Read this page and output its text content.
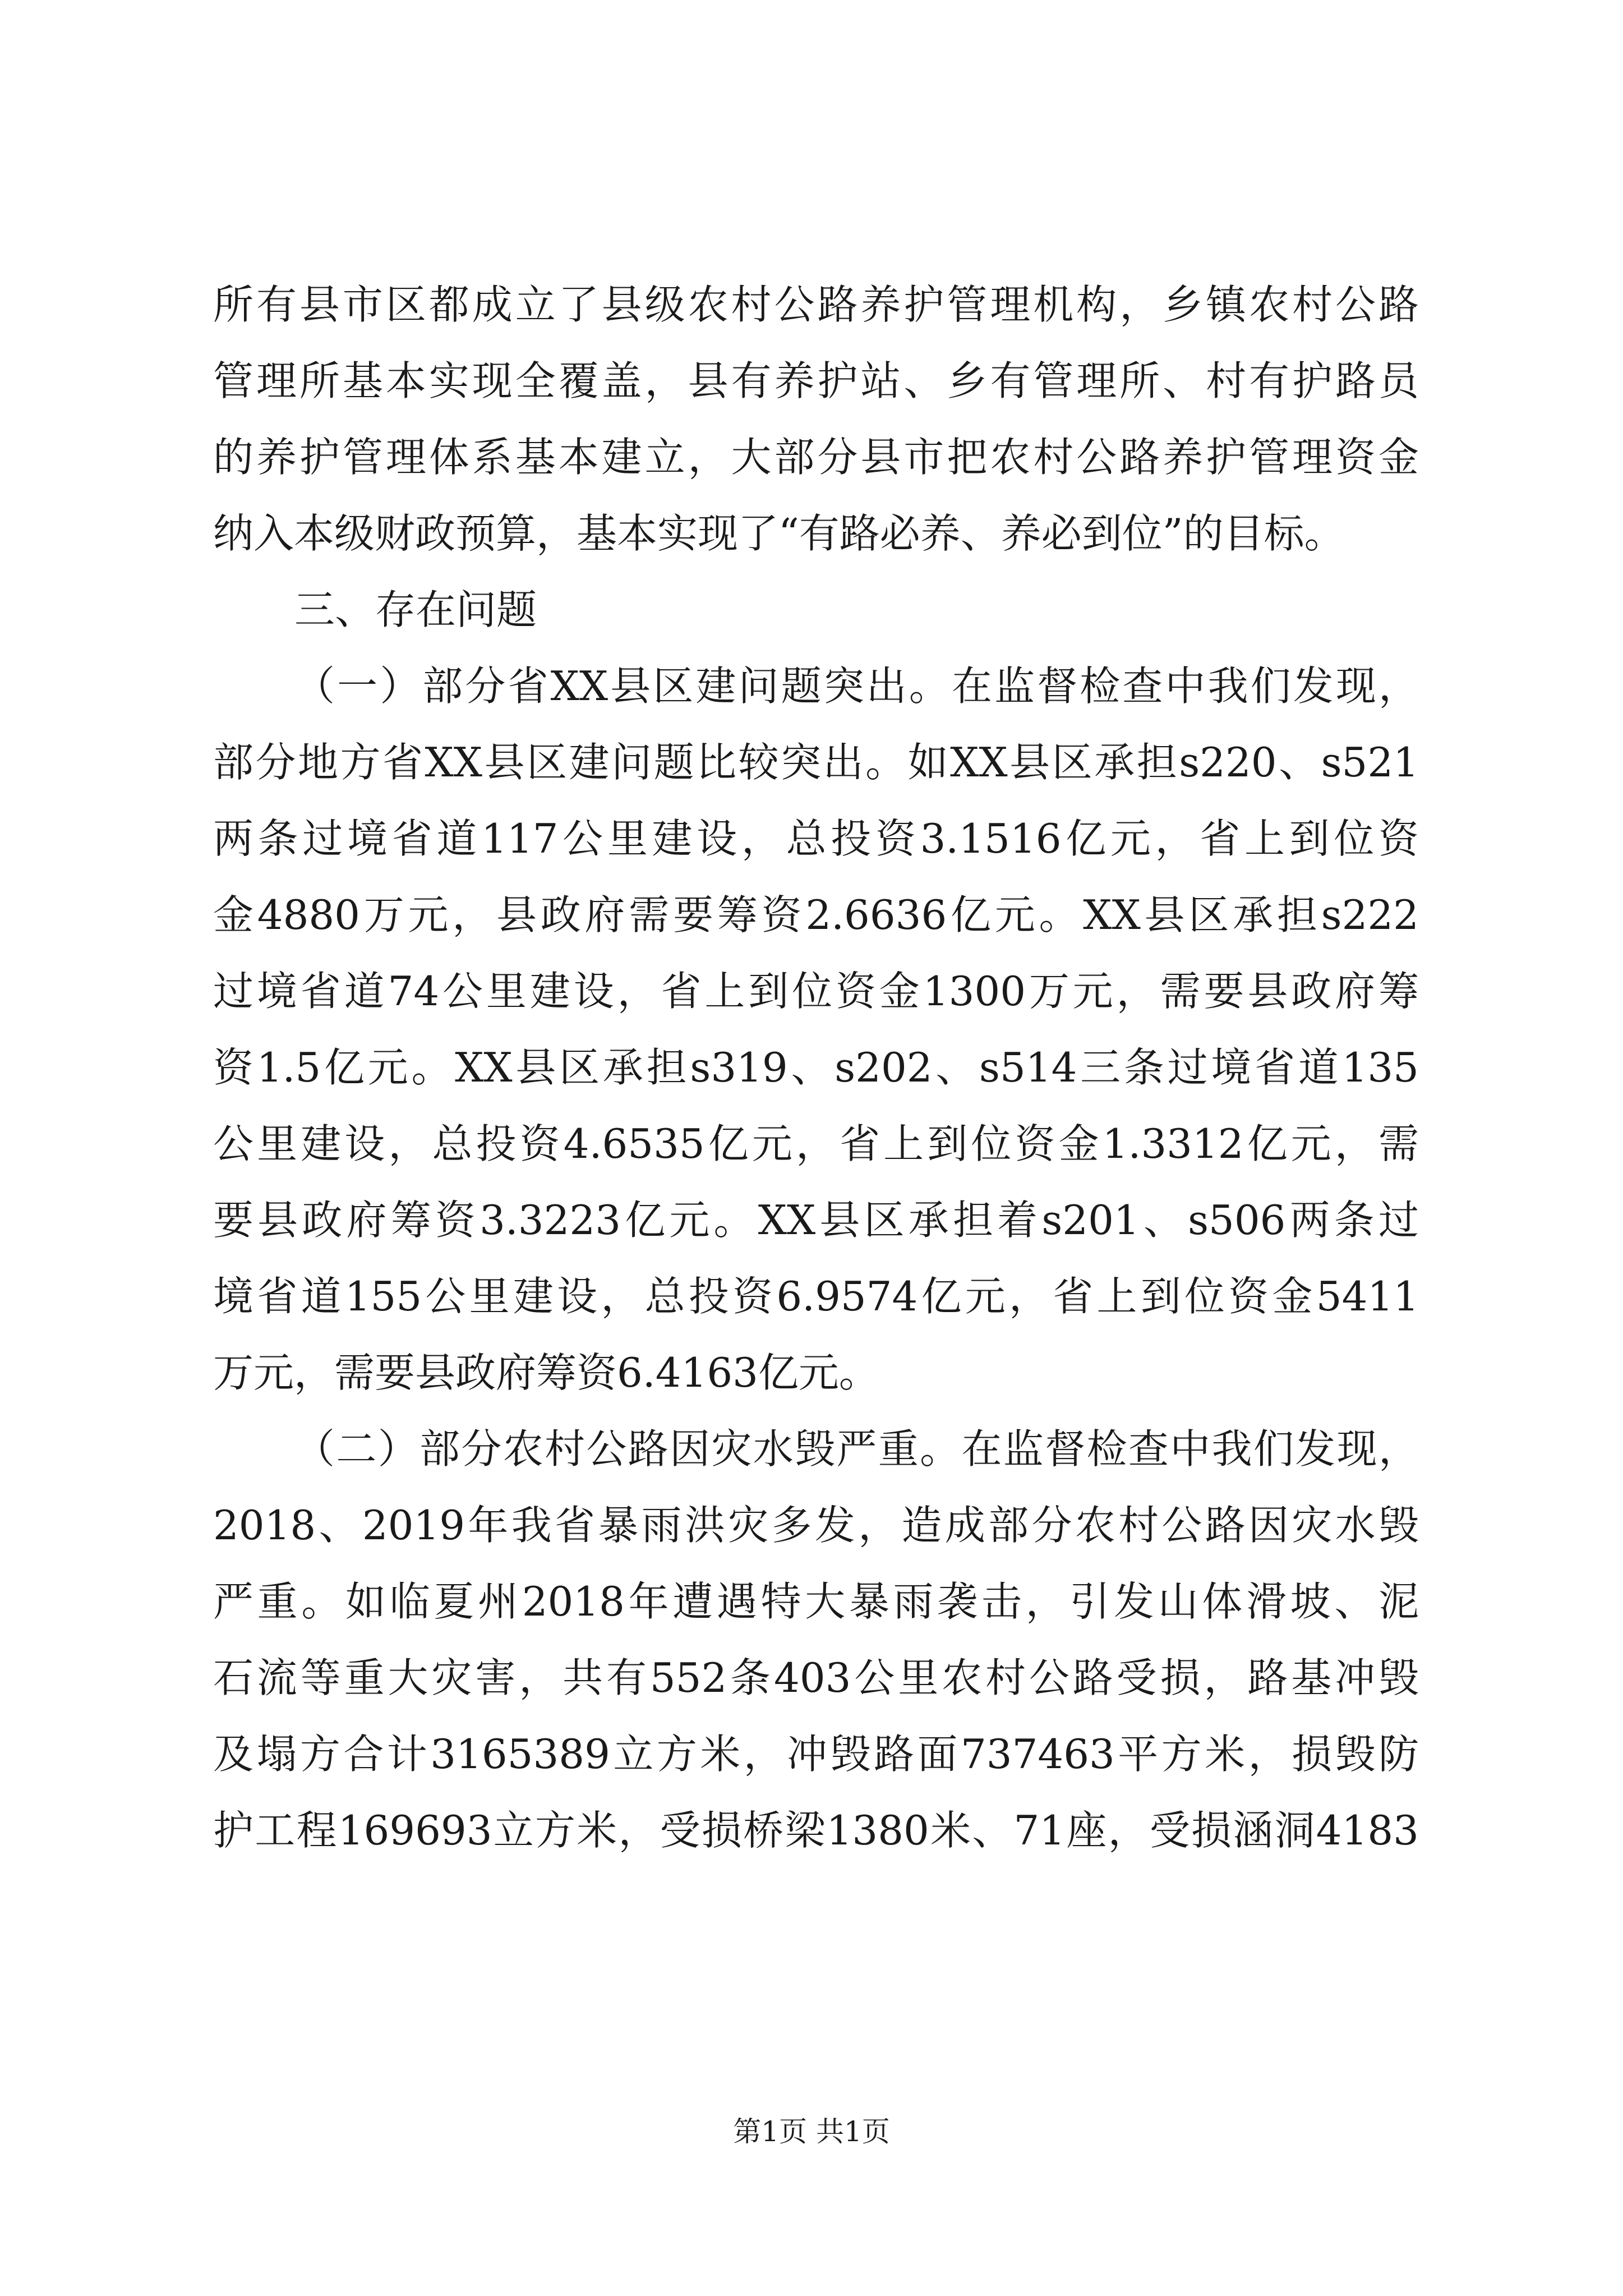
所有县市区都成立了县级农村公路养护管理机构，乡镇农村公路
管理所基本实现全覆盖，县有养护站、乡有管理所、村有护路员
的养护管理体系基本建立，大部分县市把农村公路养护管理资金
纳入本级财政预算，基本实现了“有路必养、养必到位”的目标。
三、存在问题
（一）部分省XX县区建问题突出。在监督检查中我们发现，
部分地方省XX县区建问题比较突出。如XX县区承担s220、s521
两条过境省道117公里建设，总投资3.1516亿元，省上到位资
金4880万元，县政府需要筹资2.6636亿元。XX县区承担s222
过境省道74公里建设，省上到位资金1300万元，需要县政府筹
资1.5亿元。XX县区承担s319、s202、s514三条过境省道135
公里建设，总投资4.6535亿元，省上到位资金1.3312亿元，需
要县政府筹资3.3223亿元。XX县区承担着s201、s506两条过
境省道155公里建设，总投资6.9574亿元，省上到位资金5411
万元，需要县政府筹资6.4163亿元。
（二）部分农村公路因灾水毁严重。在监督检查中我们发现，
2018、2019年我省暴雨洪灾多发，造成部分农村公路因灾水毁
严重。如临夏州2018年遭遇特大暴雨袭击，引发山体滑坡、泥
石流等重大灾害，共有552条403公里农村公路受损，路基冲毁
及塌方合计3165389立方米，冲毁路面737463平方米，损毁防
护工程169693立方米，受损桥梁1380米、71座，受损涵洞4183
第1页 共1页
